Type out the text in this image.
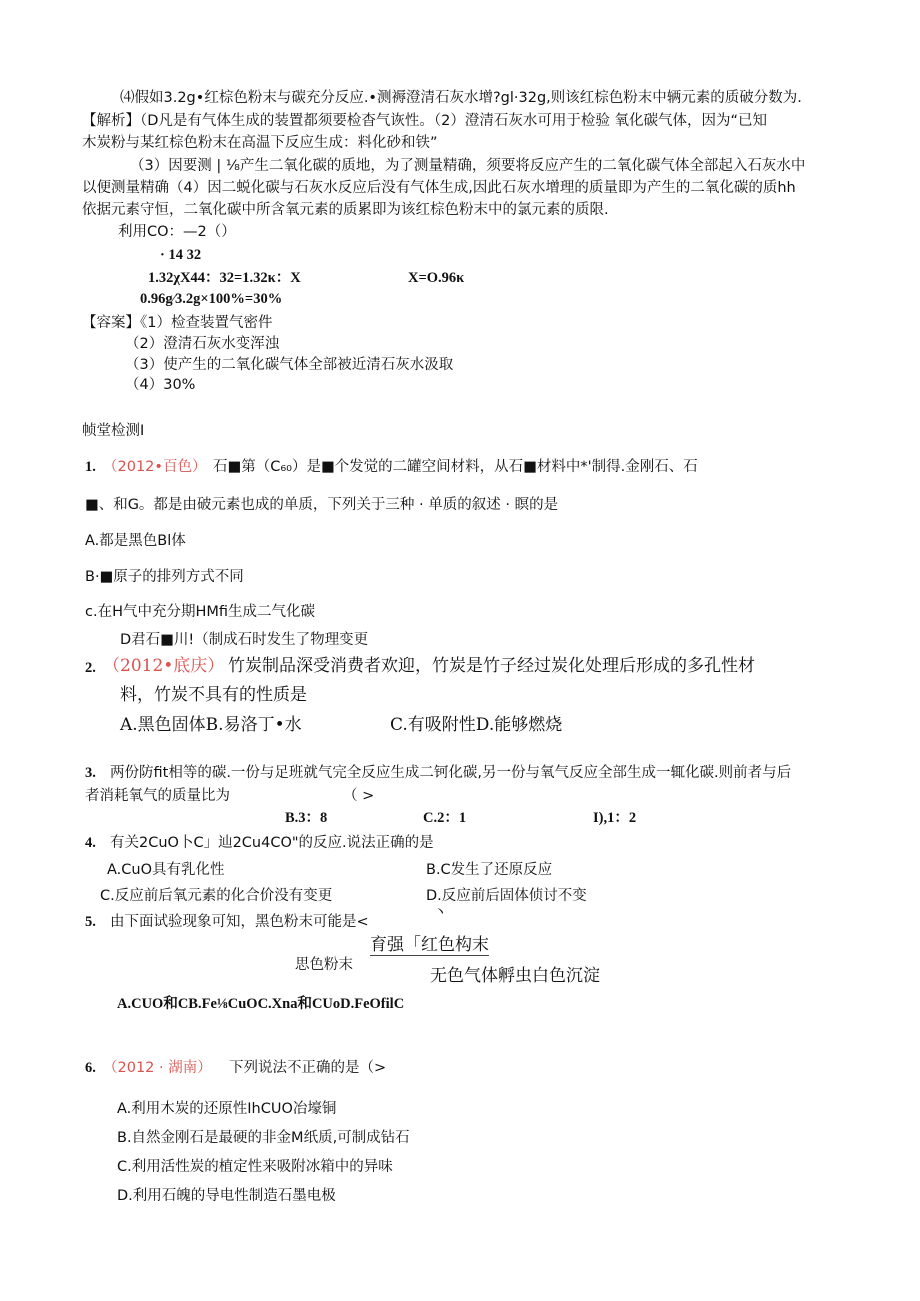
⑷假如3.2g•红棕色粉末与碳充分反应.•测褥澄清石灰水增?gl·32g,则该红棕色粉末中辆元素的质破分数为.
【解析】（D凡是有气体生成的装置都须要检杳气诙性。（2）澄清石灰水可用于检验 氧化碳气体，因为“已知
木炭粉与某红棕色粉末在高温下反应生成：料化砂和铁”
（3）因要测 | ⅛产生二氧化碳的质地，为了测量精确，须要将反应产生的二氧化碳气体全部起入石灰水中
以便测量精确（4）因二蜕化碳与石灰水反应后没有气体生成,因此石灰水增理的质量即为产生的二氧化碳的质hh
依据元素守恒，二氧化碳中所含氧元素的质累即为该红棕色粉末中的氯元素的质限.
利用CO：—2（）
· 14 32
1.32χX44：32=1.32κ：X	X=O.96κ
0.96g∕3.2g×100%=30%
【容案】《1）检查装置气密件
（2）澄清石灰水变浑浊
（3）使产生的二氧化碳气体全部被近清石灰水汲取
（4）30%
帧堂检测I
1. （2012•百色） 石■第（C₆₀）是■个发觉的二罐空间材料，从石■材料中*'制得.金刚石、石
■、和G。都是由破元素也成的单质，下列关于三种 · 单质的叙述 · 瞑的是
A.都是黑色Bl体
B·■原子的排列方式不同
c.在H气中充分期HMfi生成二气化碳
D君石■川!（制成石时发生了物理变更
2. （2012•底庆） 竹炭制品深受消费者欢迎，竹炭是竹子经过炭化处理后形成的多孔性材
料，竹炭不具有的性质是
A.黑色固体B.易洛丁•水	C.有吸附性D.能够燃烧
3. 两份防fit相等的碳.一份与足班就气完全反应生成二钶化碳,另一份与氧气反应全部生成一辄化碳.则前者与后
者消耗氧气的质量比为	（ >
B.3：8	C.2：1	I),1：2
4. 有关2CuO卜C」辿2Cu4CO"的反应.说法正确的是
A.CuO具有乳化性	B.C发生了还原反应
C.反应前后氧元素的化合价没有变更	D.反应前后固体侦讨不变
丶
5. 由下面试验现象可知，黑色粉末可能是<
育强「红色构末
思色粉末
无色气体孵虫白色沉淀
A.CUO和CB.Fe⅛CuOC.Xna和CUoD.FeOfilC
6. （2012 · 湖南） 下列说法不正确的是（>
A.利用木炭的还原性IhCUO冶壕铜
B.自然金刚石是最硬的非金M纸质,可制成钻石
C.利用活性炭的植定性来吸附冰箱中的异味
D.利用石魄的导电性制造石墨电极
